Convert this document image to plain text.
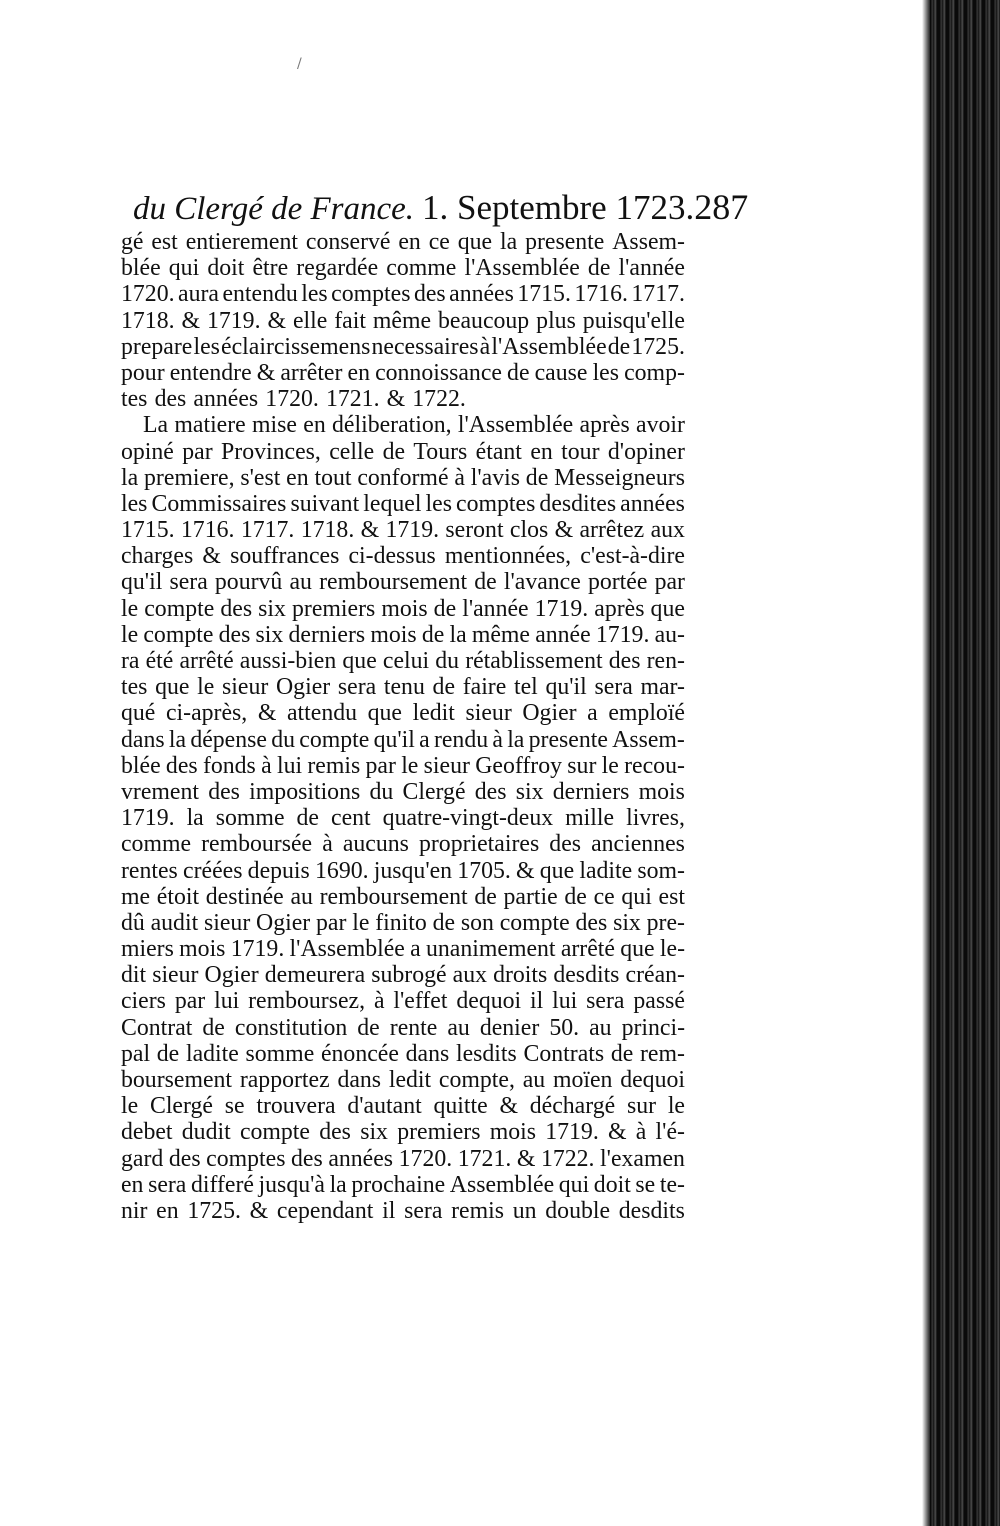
/
du Clergé de France. 1. Septembre 1723. 287
gé est entierement conservé en ce que la presente Assem-
blée qui doit être regardée comme l'Assemblée de l'année
1720. aura entendu les comptes des années 1715. 1716. 1717.
1718. & 1719. & elle fait même beaucoup plus puisqu'elle
prepare les éclaircissemens necessaires à l'Assemblée de 1725.
pour entendre & arrêter en connoissance de cause les comp-
tes des années 1720. 1721. & 1722.
La matiere mise en déliberation, l'Assemblée après avoir
opiné par Provinces, celle de Tours étant en tour d'opiner
la premiere, s'est en tout conformé à l'avis de Messeigneurs
les Commissaires suivant lequel les comptes desdites années
1715. 1716. 1717. 1718. & 1719. seront clos & arrêtez aux
charges & souffrances ci-dessus mentionnées, c'est-à-dire
qu'il sera pourvû au remboursement de l'avance portée par
le compte des six premiers mois de l'année 1719. après que
le compte des six derniers mois de la même année 1719. au-
ra été arrêté aussi-bien que celui du rétablissement des ren-
tes que le sieur Ogier sera tenu de faire tel qu'il sera mar-
qué ci-après, & attendu que ledit sieur Ogier a emploïé
dans la dépense du compte qu'il a rendu à la presente Assem-
blée des fonds à lui remis par le sieur Geoffroy sur le recou-
vrement des impositions du Clergé des six derniers mois
1719. la somme de cent quatre-vingt-deux mille livres,
comme remboursée à aucuns proprietaires des anciennes
rentes créées depuis 1690. jusqu'en 1705. & que ladite som-
me étoit destinée au remboursement de partie de ce qui est
dû audit sieur Ogier par le finito de son compte des six pre-
miers mois 1719. l'Assemblée a unanimement arrêté que le-
dit sieur Ogier demeurera subrogé aux droits desdits créan-
ciers par lui remboursez, à l'effet dequoi il lui sera passé
Contrat de constitution de rente au denier 50. au princi-
pal de ladite somme énoncée dans lesdits Contrats de rem-
boursement rapportez dans ledit compte, au moïen dequoi
le Clergé se trouvera d'autant quitte & déchargé sur le
debet dudit compte des six premiers mois 1719. & à l'é-
gard des comptes des années 1720. 1721. & 1722. l'examen
en sera differé jusqu'à la prochaine Assemblée qui doit se te-
nir en 1725. & cependant il sera remis un double desdits
